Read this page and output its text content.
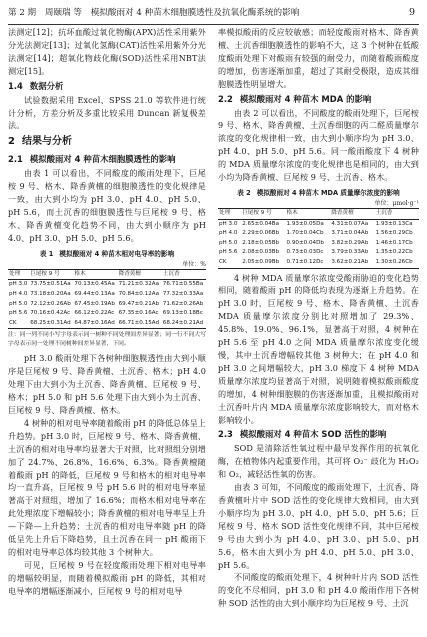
第 2 期 周颐瑞 等 模拟酸雨对 4 种苗木细胞膜透性及抗氧化酶系统的影响	9

法测定[12]；抗坏血酸过氧化物酶(APX)活性采用紫外分光法测定[13]；过氧化氢酶(CAT)活性采用紫外分光法测定[14]；超氧化物歧化酶(SOD)活性采用NBT法测定[15]。

1.4 数据分析

试验数据采用 Excel、SPSS 21.0 等软件进行统计分析，方差分析及多重比较采用 Duncan 新复极差法。

2 结果与分析
2.1 模拟酸雨对 4 种苗木细胞膜透性的影响

由表 1 可以看出，不同酸度的酸雨处理下，巨尾桉 9 号、格木、降香黄檀的细胞膜透性的变化规律是一致，由大到小均为 pH 3.0、pH 4.0、pH 5.0、pH 5.6，而土沉香的细胞膜透性与巨尾桉 9 号、格木、降香黄檀变化趋势不同，由大到小顺序为 pH 4.0、pH 3.0、pH 5.0、pH 5.6。

表 1 模拟酸雨对 4 种苗木相对电导率的影响
单位：%
处理	巨尾桉 9 号	格木	降香黄檀	土沉香
pH 3.0	73.75±0.51Aa	70.13±0.45Aa	71.21±0.32Aa	76.71±0.55Ba
pH 4.0	73.18±0.20Aa	69.44±0.13Aa	70.84±0.12Aa	77.32±0.33Aa
pH 5.0	72.12±0.26Ab	67.45±0.19Ab	69.47±0.21Ab	71.62±0.26Ab
pH 5.6	70.16±0.42Ac	66.12±0.22Ac	67.35±0.16Ac	69.13±0.18Bc
CK	68.25±0.31Ad	64.87±0.16Ad	66.71±0.15Ad	68.24±0.21Ad
注：同一列不同小写字母表示同一树种不同处理间差异显著；同一行不同大写字母表示同一处理不同树种间差异显著，下同。

pH 3.0 酸雨处理下各树种细胞膜透性由大到小顺序是巨尾桉 9 号、降香黄檀、土沉香、格木；pH 4.0 处理下由大到小为土沉香、降香黄檀、巨尾桉 9 号、格木；pH 5.0 和 pH 5.6 处理下由大到小为土沉香、巨尾桉 9 号、降香黄檀、格木。

4 树种的相对电导率随着酸雨 pH 的降低总体呈上升趋势。pH 3.0 时，巨尾桉 9 号、格木、降香黄檀、土沉香的相对电导率均显著大于对照，比对照组分别增加了 24.7%、26.8%、16.6%、6.3%。降香黄檀随着酸雨 pH 的降低，巨尾桉 9 号和格木的相对电导率均一直升高，巨尾桉 9 号 pH 5.6 时的相对电导率显著高于对照组，增加了 16.6%；而格木相对电导率在此处理浓度下增幅较小；降香黄檀的相对电导率呈上升—下降—上升趋势；土沉香的相对电导率随 pH 的降低呈先上升后下降趋势，且土沉香在同一 pH 酸雨下的相对电导率总体均较其他 3 个树种大。

可见，巨尾桉 9 号在轻度酸雨处理下相对电导率的增幅较明显，而随着模拟酸雨 pH 的降低，其相对电导率的增幅逐渐减小，巨尾桉 9 号的相对电导

率模拟酸雨的反应较敏感；而轻度酸雨对格木、降香黄檀、土沉香细胞膜透性的影响不大，这 3 个树种在低酸度酸雨处理下对酸雨有较强的耐受力，而随着酸雨酸度的增加，伤害逐渐加重，超过了其耐受极限，造成其细胞膜透性明显增大。

2.2 模拟酸雨对 4 种苗木 MDA 的影响

由表 2 可以看出，不同酸度的酸雨处理下，巨尾桉 9 号、格木、降香黄檀、土沉香细胞的丙二醛质量摩尔浓度的变化规律相一致，由大到小顺序均为 pH 3.0、pH 4.0、pH 5.0、pH 5.6。同一酸雨酸度下 4 树种的 MDA 质量摩尔浓度的变化规律也是相同的，由大到小均为降香黄檀、巨尾桉 9 号、土沉香、格木。

表 2 模拟酸雨对 4 种苗木 MDA 质量摩尔浓度的影响
单位：μmol·g⁻¹
处理	巨尾桉 9 号	格木	降香黄檀	土沉香
pH 3.0	2.65±0.04Ba	1.93±0.05Da	4.31±0.07Aa	1.93±0.13Ca
pH 4.0	2.29±0.06Bb	1.70±0.04Cb	3.71±0.04Ab	1.56±0.29Cb
pH 5.0	2.18±0.05Bb	0.90±0.04Db	3.82±0.29Ab	1.46±0.17Cb
pH 5.6	2.08±0.03Bb	0.73±0.03Dc	3.79±0.33Ab	1.35±0.22Cb
CK	2.05±0.09Bb	0.71±0.12Dc	3.62±0.21Ab	1.30±0.26Cb

4 树种 MDA 质量摩尔浓度受酸雨胁迫的变化趋势相同，随着酸雨 pH 的降低均表现为逐渐上升趋势。在 pH 3.0 时，巨尾桉 9 号、格木、降香黄檀、土沉香 MDA 质量摩尔浓度分别比对照增加了 29.3%、45.8%、19.0%、96.1%，显著高于对照，4 树种在 pH 5.6 至 pH 4.0 之间 MDA 质量摩尔浓度变化缓慢，其中土沉香增幅较其他 3 树种大；在 pH 4.0 和 pH 3.0 之间增幅较大，pH 3.0 梯度下 4 树种 MDA 质量摩尔浓度均显著高于对照，说明随着模拟酸雨酸度的增加，4 树种细胞膜的伤害逐渐加重，且模拟酸雨对土沉香叶片内 MDA 质量摩尔浓度影响较大，而对格木影响较小。

2.3 模拟酸雨对 4 种苗木 SOD 活性的影响

SOD 是清除活性氧过程中最早发挥作用的抗氧化酶，在植物体内起重要作用，其可将 O₂⁻ 歧化为 H₂O₂ 和 O₂，减轻活性氧的伤害。

由表 3 可知，不同酸度的酸雨处理下，土沉香、降香黄檀叶片中 SOD 活性的变化规律大致相同，由大到小顺序均为 pH 3.0、pH 4.0、pH 5.0、pH 5.6；巨尾桉 9 号、格木 SOD 活性变化规律不同，其中巨尾桉 9 号由大到小为 pH 4.0、pH 3.0、pH 5.0、pH 5.6，格木由大到小为 pH 4.0、pH 5.0、pH 3.0、pH 5.6。

不同酸度的酸雨处理下，4 树种叶片内 SOD 活性的变化不尽相同，pH 3.0 和 pH 4.0 酸雨作用下各树种 SOD 活性的由大到小顺序均为巨尾桉 9 号、土沉
